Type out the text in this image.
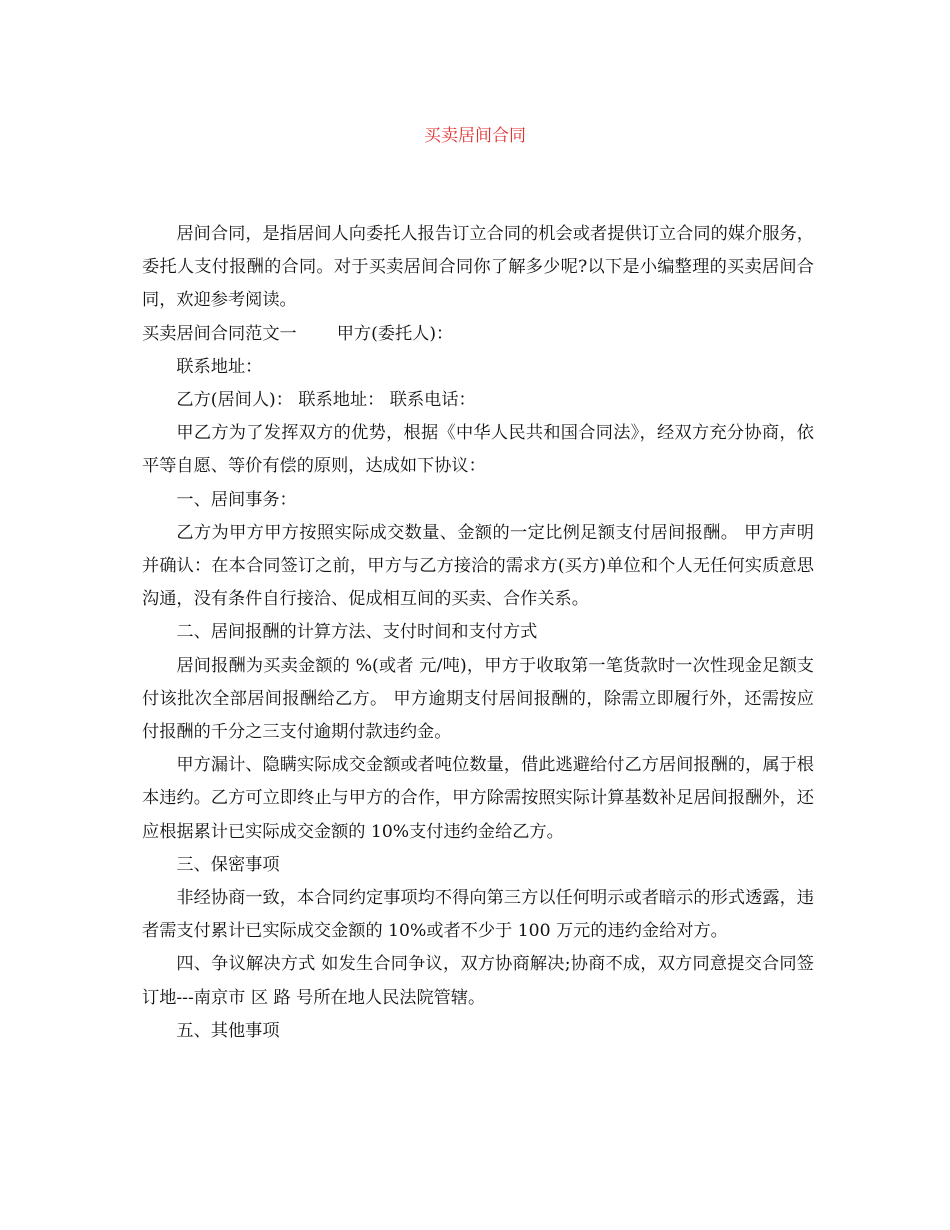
买卖居间合同

居间合同，是指居间人向委托人报告订立合同的机会或者提供订立合同的媒介服务，委托人支付报酬的合同。对于买卖居间合同你了解多少呢?以下是小编整理的买卖居间合同，欢迎参考阅读。

买卖居间合同范文一 甲方(委托人)：

联系地址：

乙方(居间人)： 联系地址： 联系电话：

甲乙方为了发挥双方的优势，根据《中华人民共和国合同法》，经双方充分协商，依平等自愿、等价有偿的原则，达成如下协议：

一、居间事务：

乙方为甲方甲方按照实际成交数量、金额的一定比例足额支付居间报酬。 甲方声明并确认：在本合同签订之前，甲方与乙方接洽的需求方(买方)单位和个人无任何实质意思沟通，没有条件自行接洽、促成相互间的买卖、合作关系。

二、居间报酬的计算方法、支付时间和支付方式

居间报酬为买卖金额的 %(或者 元/吨)，甲方于收取第一笔货款时一次性现金足额支付该批次全部居间报酬给乙方。 甲方逾期支付居间报酬的，除需立即履行外，还需按应付报酬的千分之三支付逾期付款违约金。

甲方漏计、隐瞒实际成交金额或者吨位数量，借此逃避给付乙方居间报酬的，属于根本违约。乙方可立即终止与甲方的合作，甲方除需按照实际计算基数补足居间报酬外，还应根据累计已实际成交金额的 10%支付违约金给乙方。

三、保密事项

非经协商一致，本合同约定事项均不得向第三方以任何明示或者暗示的形式透露，违者需支付累计已实际成交金额的 10%或者不少于 100 万元的违约金给对方。

四、争议解决方式 如发生合同争议，双方协商解决;协商不成，双方同意提交合同签订地---南京市 区 路 号所在地人民法院管辖。

五、其他事项
